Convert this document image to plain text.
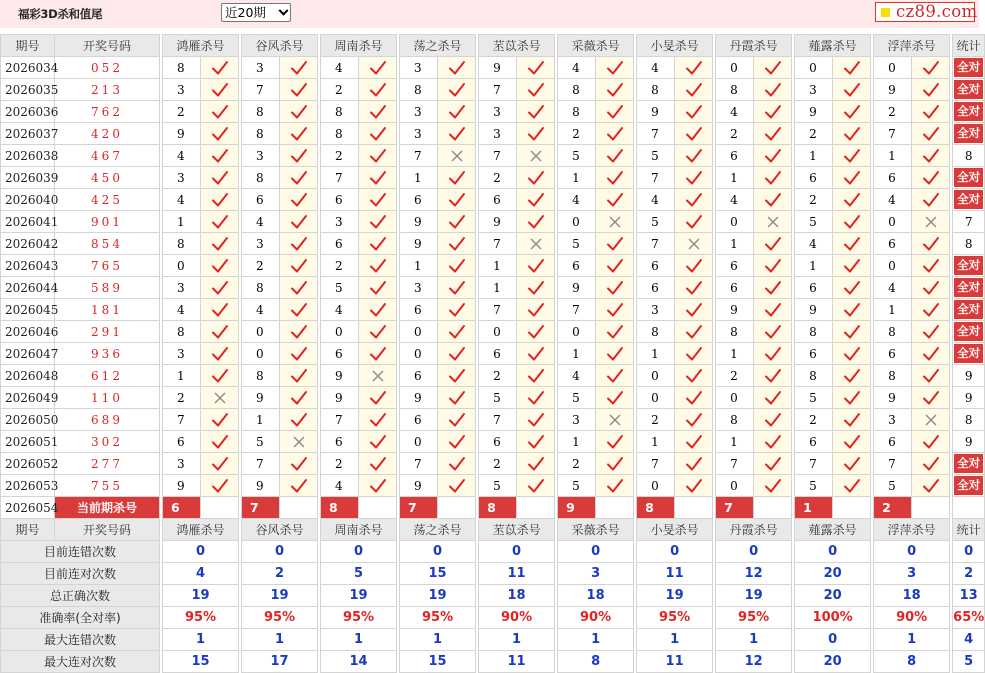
福彩3D杀和值尾	近20期	cz89.com
期号	开奖号码		鸿雁杀号			谷风杀号			周南杀号			荡之杀号			苤苡杀号			采薇杀号			小旻杀号			丹霞杀号			薤露杀号			浮萍杀号			统计
2026034	052		8			3			4			3			9			4			4			0			0			0			全对
2026035	213		3			7			2			8			7			8			8			8			3			9			全对
2026036	762		2			8			8			3			3			8			9			4			9			2			全对
2026037	420		9			8			8			3			3			2			7			2			2			7			全对
2026038	467		4			3			2			7			7			5			5			6			1			1			8
2026039	450		3			8			7			1			2			1			7			1			6			6			全对
2026040	425		4			6			6			6			6			4			4			4			2			4			全对
2026041	901		1			4			3			9			9			0			5			0			5			0			7
2026042	854		8			3			6			9			7			5			7			1			4			6			8
2026043	765		0			2			2			1			1			6			6			6			1			0			全对
2026044	589		3			8			5			3			1			9			6			6			6			4			全对
2026045	181		4			4			4			6			7			7			3			9			9			1			全对
2026046	291		8			0			0			0			0			0			8			8			8			8			全对
2026047	936		3			0			6			0			6			1			1			1			6			6			全对
2026048	612		1			8			9			6			2			4			0			2			8			8			9
2026049	110		2			9			9			9			5			5			0			0			5			9			9
2026050	689		7			1			7			6			7			3			2			8			2			3			8
2026051	302		6			5			6			0			6			1			1			1			6			6			9
2026052	277		3			7			2			7			2			2			7			7			7			7			全对
2026053	755		9			9			4			9			5			5			0			0			5			5			全对
2026054	当前期杀号		6			7			8			7			8			9			8			7			1			2			
期号	开奖号码		鸿雁杀号			谷风杀号			周南杀号			荡之杀号			苤苡杀号			采薇杀号			小旻杀号			丹霞杀号			薤露杀号			浮萍杀号			统计
目前连错次数			0			0			0			0			0			0			0			0			0			0			0
目前连对次数			4			2			5			15			11			3			11			12			20			3			2
总正确次数			19			19			19			19			18			18			19			19			20			18			13
准确率(全对率)			95%			95%			95%			95%			90%			90%			95%			95%			100%			90%			65%
最大连错次数			1			1			1			1			1			1			1			1			0			1			4
最大连对次数			15			17			14			15			11			8			11			12			20			8			5
